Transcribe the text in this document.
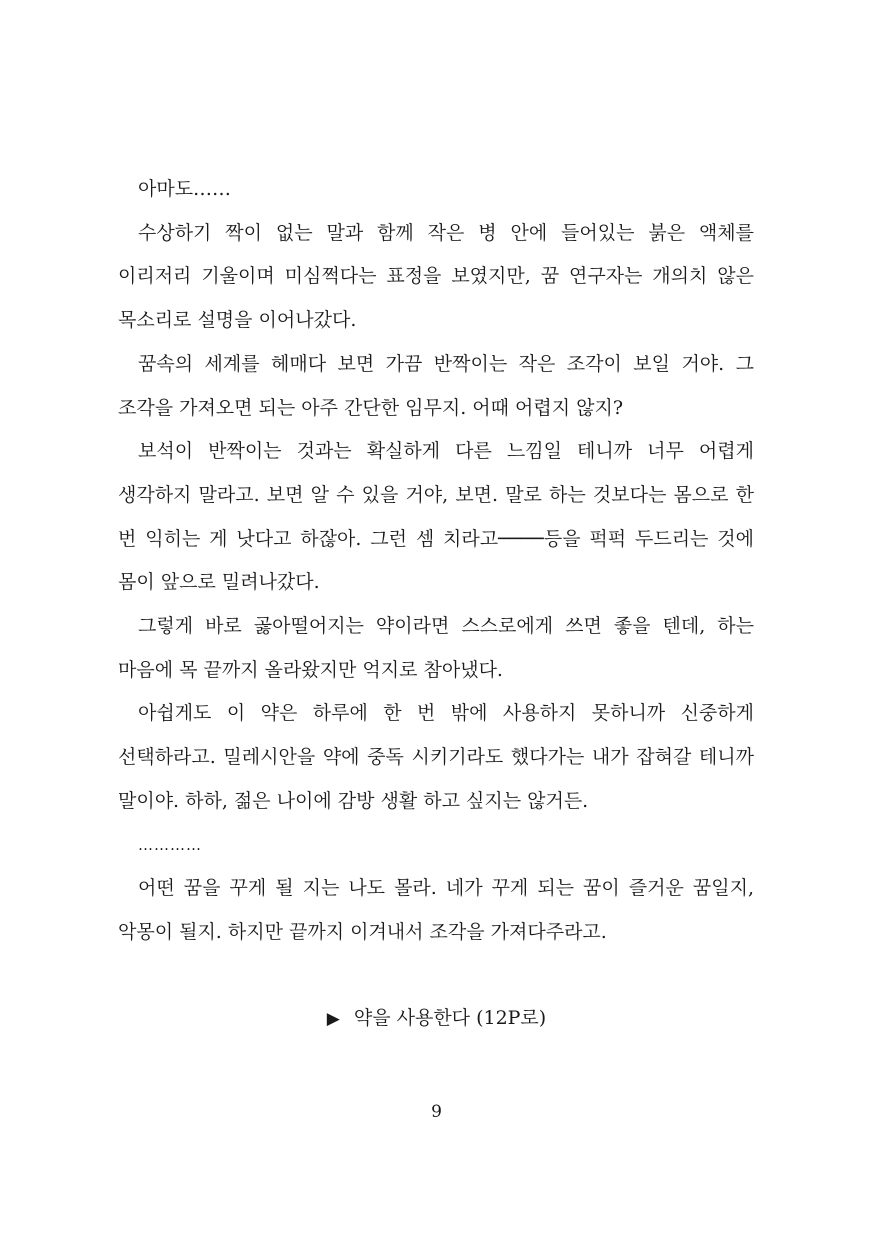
아마도……

수상하기 짝이 없는 말과 함께 작은 병 안에 들어있는 붉은 액체를 이리저리 기울이며 미심쩍다는 표정을 보였지만, 꿈 연구자는 개의치 않은 목소리로 설명을 이어나갔다.

꿈속의 세계를 헤매다 보면 가끔 반짝이는 작은 조각이 보일 거야. 그 조각을 가져오면 되는 아주 간단한 임무지. 어때 어렵지 않지?

보석이 반짝이는 것과는 확실하게 다른 느낌일 테니까 너무 어렵게 생각하지 말라고. 보면 알 수 있을 거야, 보면. 말로 하는 것보다는 몸으로 한 번 익히는 게 낫다고 하잖아. 그런 셈 치라고────등을 퍽퍽 두드리는 것에 몸이 앞으로 밀려나갔다.

그렇게 바로 곯아떨어지는 약이라면 스스로에게 쓰면 좋을 텐데, 하는 마음에 목 끝까지 올라왔지만 억지로 참아냈다.

아쉽게도 이 약은 하루에 한 번 밖에 사용하지 못하니까 신중하게 선택하라고. 밀레시안을 약에 중독 시키기라도 했다가는 내가 잡혀갈 테니까 말이야. 하하, 젊은 나이에 감방 생활 하고 싶지는 않거든.

…………

어떤 꿈을 꾸게 될 지는 나도 몰라. 네가 꾸게 되는 꿈이 즐거운 꿈일지, 악몽이 될지. 하지만 끝까지 이겨내서 조각을 가져다주라고.

▶ 약을 사용한다 (12P로)
9
